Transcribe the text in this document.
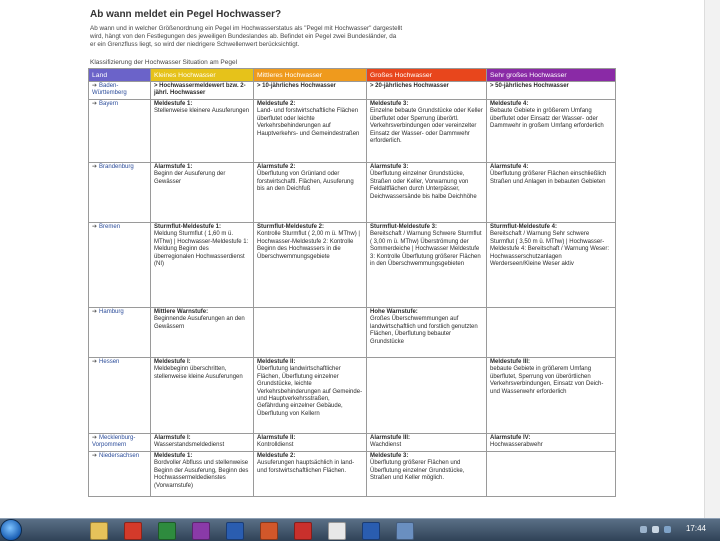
Ab wann meldet ein Pegel Hochwasser?
Ab wann und in welcher Größenordnung ein Pegel im Hochwasserstatus als "Pegel mit Hochwasser" dargestellt
wird, hängt von den Festlegungen des jeweiligen Bundeslandes ab. Befindet ein Pegel zwei Bundesländer, da
er ein Grenzfluss liegt, so wird der niedrigere Schwellenwert berücksichtigt.
Klassifizierung der Hochwasser Situation am Pegel
Land	Kleines Hochwasser	Mittleres Hochwasser	Großes Hochwasser	Sehr großes Hochwasser
➔ Baden-Württemberg	> Hochwassermeldewert bzw. 2-jährl. Hochwasser	> 10-jährliches Hochwasser	> 20-jährliches Hochwasser	> 50-jährliches Hochwasser

➔ Bayern	Meldestufe 1:
Stellenweise kleinere Ausuferungen	Meldestufe 2:
Land- und forstwirtschaftliche Flächen überflutet oder leichte Verkehrsbehinderungen auf Hauptverkehrs- und Gemeindestraßen	Meldestufe 3:
Einzelne bebaute Grundstücke oder Keller überflutet oder Sperrung überörtl. Verkehrsverbindungen oder vereinzelter Einsatz der Wasser- oder Dammwehr erforderlich.	Meldestufe 4:
Bebaute Gebiete in größerem Umfang überflutet oder Einsatz der Wasser- oder Dammwehr in großem Umfang erforderlich

➔ Brandenburg	Alarmstufe 1:
Beginn der Ausuferung der Gewässer	Alarmstufe 2:
Überflutung von Grünland oder forstwirtschaftl. Flächen, Ausuferung bis an den Deichfuß	Alarmstufe 3:
Überflutung einzelner Grundstücke, Straßen oder Keller, Vorwarnung von Feldaltflächen durch Unterpässer, Deichwassersände bis halbe Deichhöhe	Alarmstufe 4:
Überflutung größerer Flächen einschließlich Straßen und Anlagen in bebauten Gebieten

➔ Bremen	Sturmflut-Meldestufe 1:
Meldung Sturmflut ( 1,60 m ü. MThw) | Hochwasser-Meldestufe 1: Meldung Beginn des überregionalen Hochwasserdienst (NI)	Sturmflut-Meldestufe 2:
Kontrolle Sturmflut ( 2,00 m ü. MThw) | Hochwasser-Meldestufe 2: Kontrolle Beginn des Hochwassers in die Überschwemmungsgebiete	Sturmflut-Meldestufe 3:
Bereitschaft / Warnung Schwere Sturmflut ( 3,00 m ü. MThw) Überströmung der Sommerdeiche | Hochwasser Meldestufe 3: Kontrolle Überflutung größerer Flächen in den Überschwemmungsgebieten	Sturmflut-Meldestufe 4:
Bereitschaft / Warnung Sehr schwere Sturmflut ( 3,50 m ü. MThw) | Hochwasser-Meldestufe 4: Bereitschaft / Warnung Weser: Hochwasserschutzanlagen Werderseen/Kleine Weser aktiv

➔ Hamburg	Mittlere Warnstufe:
Beginnende Ausuferungen an den Gewässern		Hohe Warnstufe:
Großes Überschwemmungen auf landwirtschaftlich und forstlich genutzten Flächen, Überflutung bebauter Grundstücke	

➔ Hessen	Meldestufe I:
Meldebeginn überschritten, stellenweise kleine Ausuferungen	Meldestufe II:
Überflutung landwirtschaftlicher Flächen, Überflutung einzelner Grundstücke, leichte Verkehrsbehinderungen auf Gemeinde- und Hauptverkehrsstraßen, Gefährdung einzelner Gebäude, Überflutung von Kellern		Meldestufe III:
bebaute Gebiete in größerem Umfang überflutet, Sperrung von überörtlichen Verkehrsverbindungen, Einsatz von Deich- und Wasserwehr erforderlich

➔ Mecklenburg-Vorpommern	Alarmstufe I:
Wasserstandsmeldedienst	Alarmstufe II:
Kontrolldienst	Alarmstufe III:
Wachdienst	Alarmstufe IV:
Hochwasserabwehr

➔ Niedersachsen	Meldestufe 1:
Bordvoller Abfluss und stellenweise Beginn der Ausuferung, Beginn des Hochwassermeldedienstes (Vorwarnstufe)	Meldestufe 2:
Ausuferungen hauptsächlich in land- und forstwirtschaftlichen Flächen.	Meldestufe 3:
Überflutung größerer Flächen und Überflutung einzelner Grundstücke, Straßen und Keller möglich.	

17:44
